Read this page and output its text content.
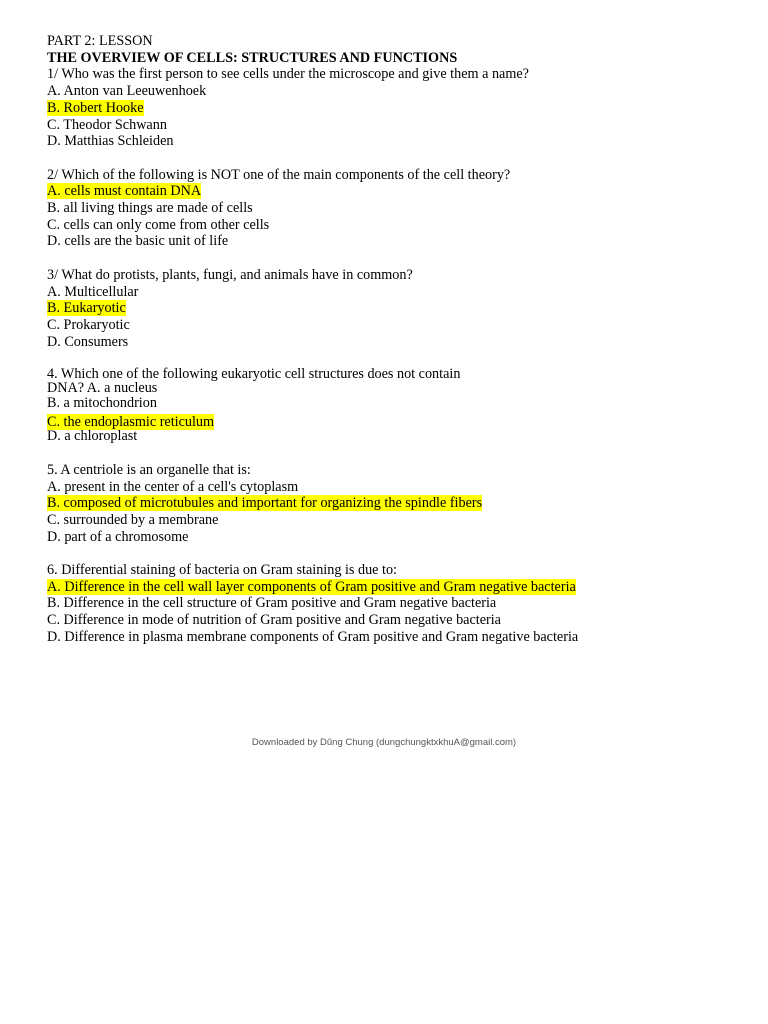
PART 2: LESSON
THE OVERVIEW OF CELLS: STRUCTURES AND FUNCTIONS
1/ Who was the first person to see cells under the microscope and give them a name?
A. Anton van Leeuwenhoek
B. Robert Hooke
C. Theodor Schwann
D. Matthias Schleiden
2/ Which of the following is NOT one of the main components of the cell theory?
A. cells must contain DNA
B. all living things are made of cells
C. cells can only come from other cells
D. cells are the basic unit of life
3/ What do protists, plants, fungi, and animals have in common?
A. Multicellular
B. Eukaryotic
C. Prokaryotic
D. Consumers
4. Which one of the following eukaryotic cell structures does not contain
DNA? A. a nucleus
B. a mitochondrion
C. the endoplasmic reticulum
D. a chloroplast
5. A centriole is an organelle that is:
A. present in the center of a cell's cytoplasm
B. composed of microtubules and important for organizing the spindle fibers
C. surrounded by a membrane
D. part of a chromosome
6. Differential staining of bacteria on Gram staining is due to:
A. Difference in the cell wall layer components of Gram positive and Gram negative bacteria
B. Difference in the cell structure of Gram positive and Gram negative bacteria
C. Difference in mode of nutrition of Gram positive and Gram negative bacteria
D. Difference in plasma membrane components of Gram positive and Gram negative bacteria
Downloaded by Dũng Chung (dungchungktxkhuA@gmail.com)
